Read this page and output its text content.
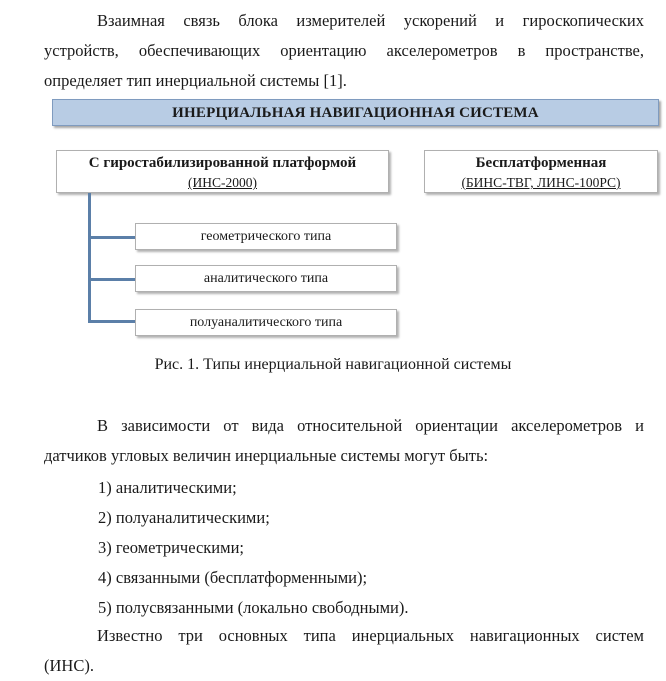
Взаимная связь блока измерителей ускорений и гироскопических
устройств, обеспечивающих ориентацию акселерометров в пространстве,
определяет тип инерциальной системы [1].
ИНЕРЦИАЛЬНАЯ НАВИГАЦИОННАЯ СИСТЕМА
С гиростабилизированной платформой
(ИНС-2000)
Бесплатформенная
(БИНС-ТВГ, ЛИНС-100РС)
геометрического типа
аналитического типа
полуаналитического типа
Рис. 1. Типы инерциальной навигационной системы
В зависимости от вида относительной ориентации акселерометров и
датчиков угловых величин инерциальные системы могут быть:
1) аналитическими;
2) полуаналитическими;
3) геометрическими;
4) связанными (бесплатформенными);
5) полусвязанными (локально свободными).
Известно три основных типа инерциальных навигационных систем
(ИНС).
